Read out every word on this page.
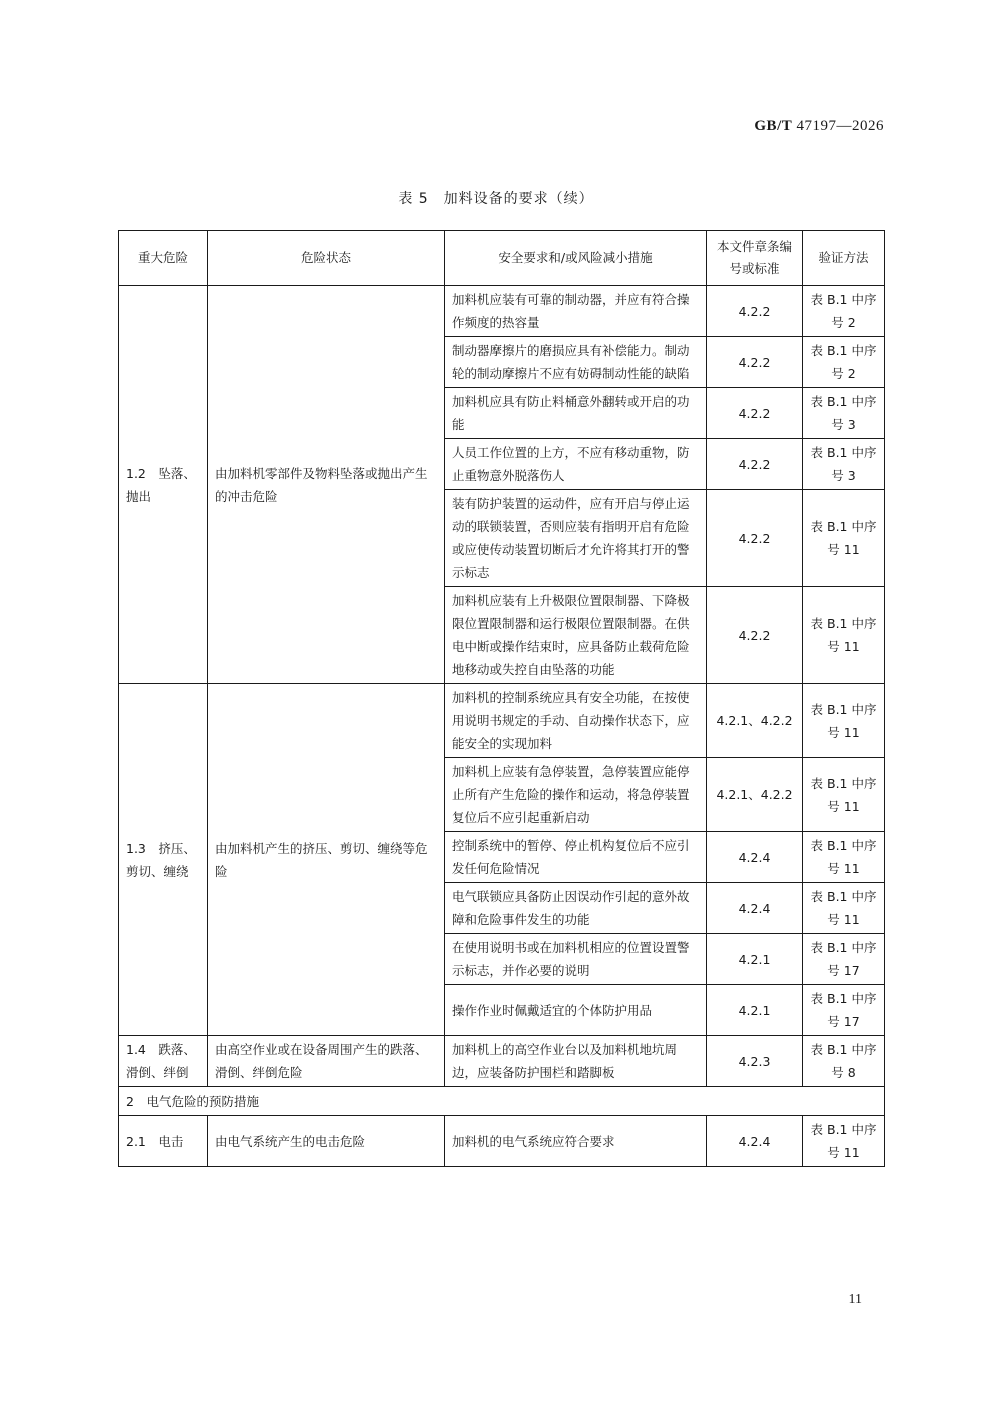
GB/T 47197—2026
表 5　加料设备的要求（续）
重大危险	危险状态	安全要求和/或风险减小措施	本文件章条编号或标准	验证方法
1.2　坠落、抛出	由加料机零部件及物料坠落或抛出产生的冲击危险	加料机应装有可靠的制动器，并应有符合操作频度的热容量	4.2.2	表 B.1 中序号 2
		制动器摩擦片的磨损应具有补偿能力。制动轮的制动摩擦片不应有妨碍制动性能的缺陷	4.2.2	表 B.1 中序号 2
		加料机应具有防止料桶意外翻转或开启的功能	4.2.2	表 B.1 中序号 3
		人员工作位置的上方，不应有移动重物，防止重物意外脱落伤人	4.2.2	表 B.1 中序号 3
		装有防护装置的运动件，应有开启与停止运动的联锁装置，否则应装有指明开启有危险或应使传动装置切断后才允许将其打开的警示标志	4.2.2	表 B.1 中序号 11
		加料机应装有上升极限位置限制器、下降极限位置限制器和运行极限位置限制器。在供电中断或操作结束时，应具备防止载荷危险地移动或失控自由坠落的功能	4.2.2	表 B.1 中序号 11
1.3　挤压、剪切、缠绕	由加料机产生的挤压、剪切、缠绕等危险	加料机的控制系统应具有安全功能，在按使用说明书规定的手动、自动操作状态下，应能安全的实现加料	4.2.1、4.2.2	表 B.1 中序号 11
		加料机上应装有急停装置，急停装置应能停止所有产生危险的操作和运动，将急停装置复位后不应引起重新启动	4.2.1、4.2.2	表 B.1 中序号 11
		控制系统中的暂停、停止机构复位后不应引发任何危险情况	4.2.4	表 B.1 中序号 11
		电气联锁应具备防止因误动作引起的意外故障和危险事件发生的功能	4.2.4	表 B.1 中序号 11
		在使用说明书或在加料机相应的位置设置警示标志，并作必要的说明	4.2.1	表 B.1 中序号 17
		操作作业时佩戴适宜的个体防护用品	4.2.1	表 B.1 中序号 17
1.4　跌落、滑倒、绊倒	由高空作业或在设备周围产生的跌落、滑倒、绊倒危险	加料机上的高空作业台以及加料机地坑周边，应装备防护围栏和踏脚板	4.2.3	表 B.1 中序号 8
2　电气危险的预防措施				
2.1　电击	由电气系统产生的电击危险	加料机的电气系统应符合要求	4.2.4	表 B.1 中序号 11
11
